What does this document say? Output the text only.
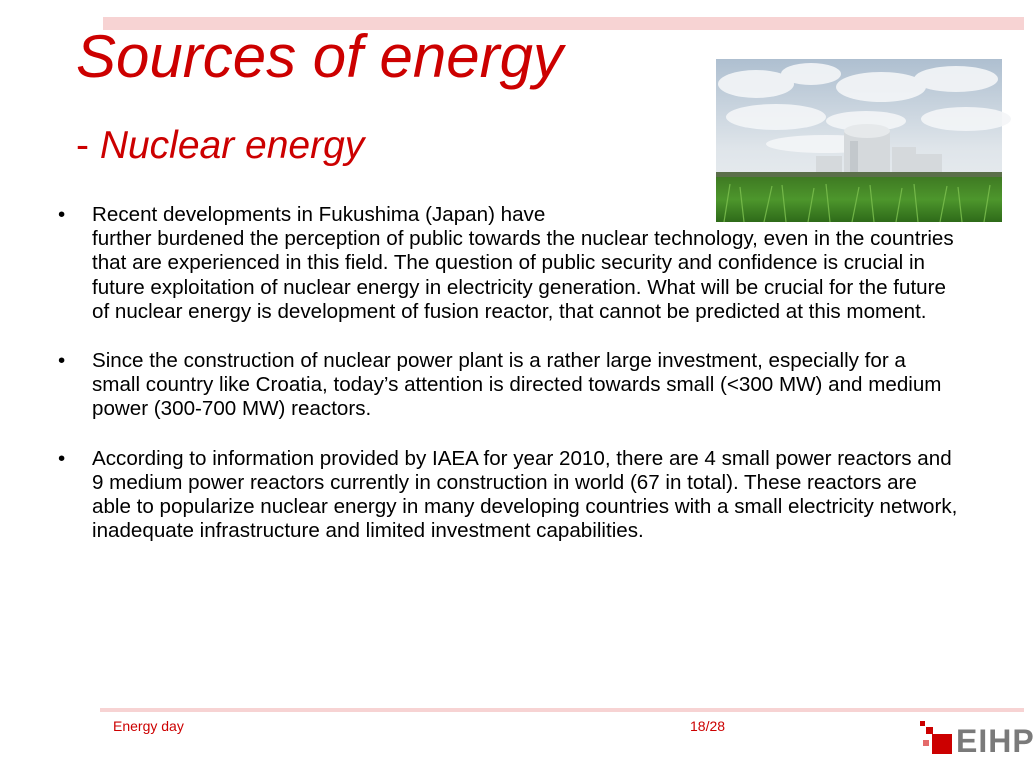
Sources of energy
- Nuclear energy
• Recent developments in Fukushima (Japan) have
further burdened the perception of public towards the nuclear technology, even in the countries that are experienced in this field. The question of public security and confidence is crucial in future exploitation of nuclear energy in electricity generation. What will be crucial for the future of nuclear energy is development of fusion reactor, that cannot be predicted at this moment.
• Since the construction of nuclear power plant is a rather large investment, especially for a small country like Croatia, today’s attention is directed towards small (<300 MW) and medium power (300-700 MW) reactors.
• According to information provided by IAEA for year 2010, there are 4 small power reactors and 9 medium power reactors currently in construction in world (67 in total). These reactors are able to popularize nuclear energy in many developing countries with a small electricity network, inadequate infrastructure and limited investment capabilities.
Energy day	18/28	EIHP
